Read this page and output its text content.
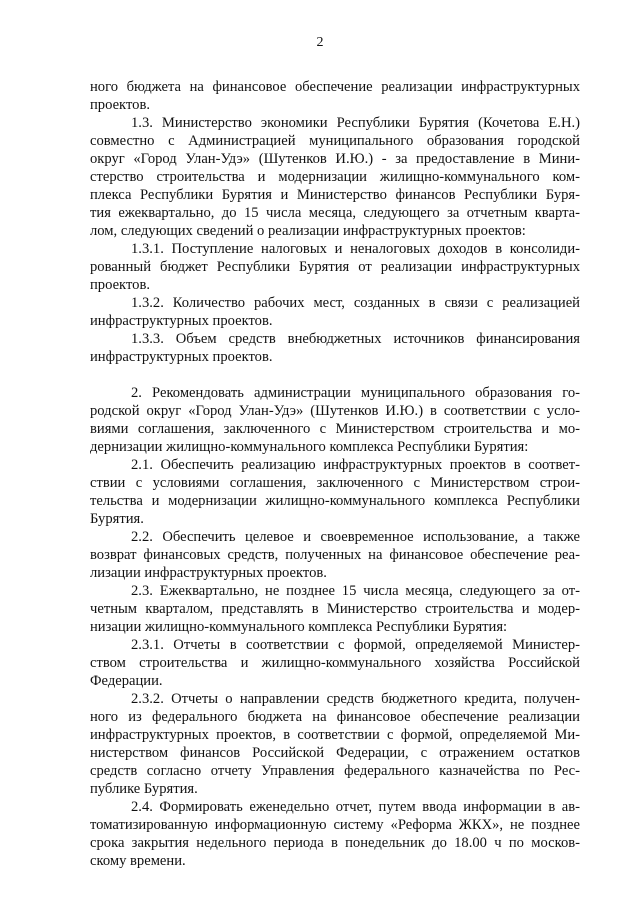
2
ного бюджета на финансовое обеспечение реализации инфраструктурных
проектов.
1.3. Министерство экономики Республики Бурятия (Кочетова Е.Н.)
совместно с Администрацией муниципального образования городской
округ «Город Улан-Удэ» (Шутенков И.Ю.) - за предоставление в Мини-
стерство строительства и модернизации жилищно-коммунального ком-
плекса Республики Бурятия и Министерство финансов Республики Буря-
тия ежеквартально, до 15 числа месяца, следующего за отчетным кварта-
лом, следующих сведений о реализации инфраструктурных проектов:
1.3.1. Поступление налоговых и неналоговых доходов в консолиди-
рованный бюджет Республики Бурятия от реализации инфраструктурных
проектов.
1.3.2. Количество рабочих мест, созданных в связи с реализацией
инфраструктурных проектов.
1.3.3. Объем средств внебюджетных источников финансирования
инфраструктурных проектов.
2. Рекомендовать администрации муниципального образования го-
родской округ «Город Улан-Удэ» (Шутенков И.Ю.) в соответствии с усло-
виями соглашения, заключенного с Министерством строительства и мо-
дернизации жилищно-коммунального комплекса Республики Бурятия:
2.1. Обеспечить реализацию инфраструктурных проектов в соответ-
ствии с условиями соглашения, заключенного с Министерством строи-
тельства и модернизации жилищно-коммунального комплекса Республики
Бурятия.
2.2. Обеспечить целевое и своевременное использование, а также
возврат финансовых средств, полученных на финансовое обеспечение реа-
лизации инфраструктурных проектов.
2.3. Ежеквартально, не позднее 15 числа месяца, следующего за от-
четным кварталом, представлять в Министерство строительства и модер-
низации жилищно-коммунального комплекса Республики Бурятия:
2.3.1. Отчеты в соответствии с формой, определяемой Министер-
ством строительства и жилищно-коммунального хозяйства Российской
Федерации.
2.3.2. Отчеты о направлении средств бюджетного кредита, получен-
ного из федерального бюджета на финансовое обеспечение реализации
инфраструктурных проектов, в соответствии с формой, определяемой Ми-
нистерством финансов Российской Федерации, с отражением остатков
средств согласно отчету Управления федерального казначейства по Рес-
публике Бурятия.
2.4. Формировать еженедельно отчет, путем ввода информации в ав-
томатизированную информационную систему «Реформа ЖКХ», не позднее
срока закрытия недельного периода в понедельник до 18.00 ч по москов-
скому времени.
